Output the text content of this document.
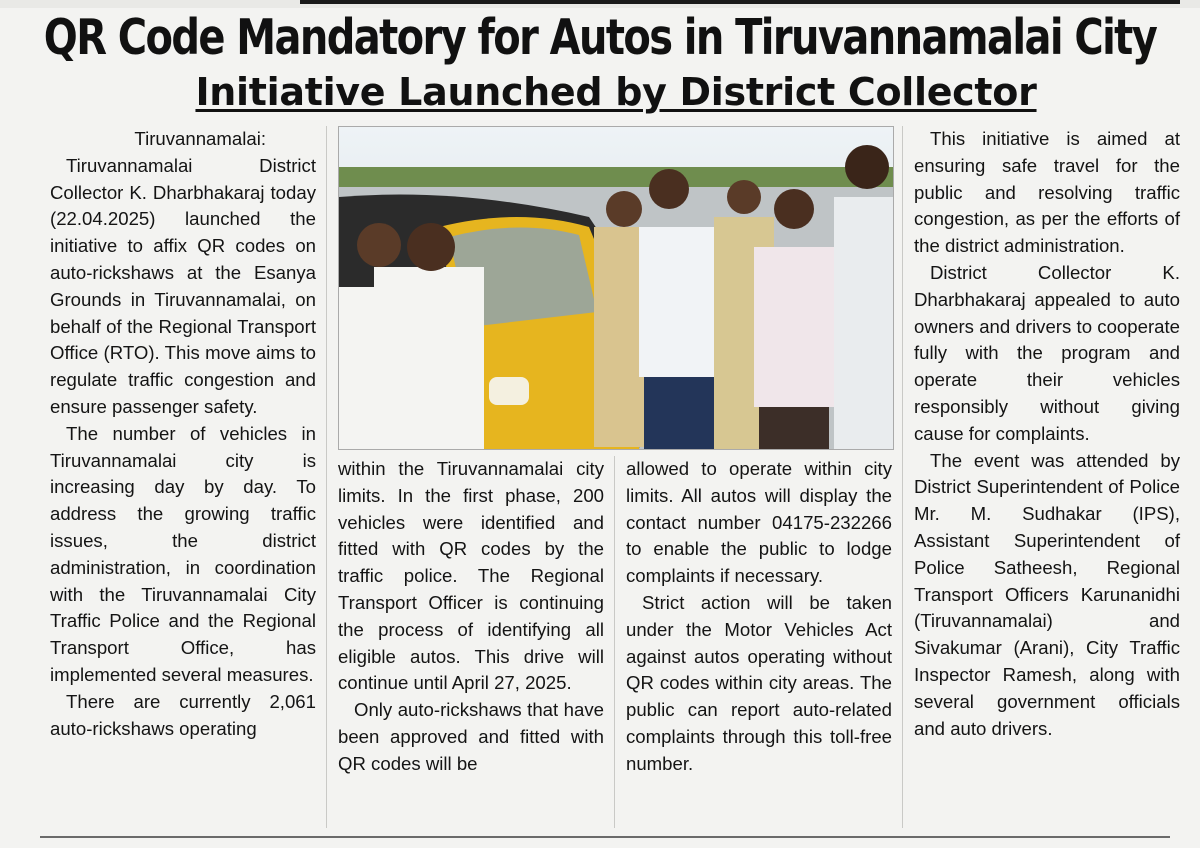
QR Code Mandatory for Autos in Tiruvannamalai City
Initiative Launched by District Collector

Tiruvannamalai:

Tiruvannamalai District Collector K. Dharbhakaraj today (22.04.2025) launched the initiative to affix QR codes on auto-rickshaws at the Esanya Grounds in Tiruvannamalai, on behalf of the Regional Transport Office (RTO). This move aims to regulate traffic congestion and ensure passenger safety.

The number of vehicles in Tiruvannamalai city is increasing day by day. To address the growing traffic issues, the district administration, in coordination with the Tiruvannamalai City Traffic Police and the Regional Transport Office, has implemented several measures.

There are currently 2,061 auto-rickshaws operating

within the Tiruvannamalai city limits. In the first phase, 200 vehicles were identified and fitted with QR codes by the traffic police. The Regional Transport Officer is continuing the process of identifying all eligible autos. This drive will continue until April 27, 2025.

Only auto-rickshaws that have been approved and fitted with QR codes will be

allowed to operate within city limits. All autos will display the contact number 04175-232266 to enable the public to lodge complaints if necessary.

Strict action will be taken under the Motor Vehicles Act against autos operating without QR codes within city areas. The public can report auto-related complaints through this toll-free number.

This initiative is aimed at ensuring safe travel for the public and resolving traffic congestion, as per the efforts of the district administration.

District Collector K. Dharbhakaraj appealed to auto owners and drivers to cooperate fully with the program and operate their vehicles responsibly without giving cause for complaints.

The event was attended by District Superintendent of Police Mr. M. Sudhakar (IPS), Assistant Superintendent of Police Satheesh, Regional Transport Officers Karunanidhi (Tiruvannamalai) and Sivakumar (Arani), City Traffic Inspector Ramesh, along with several government officials and auto drivers.
